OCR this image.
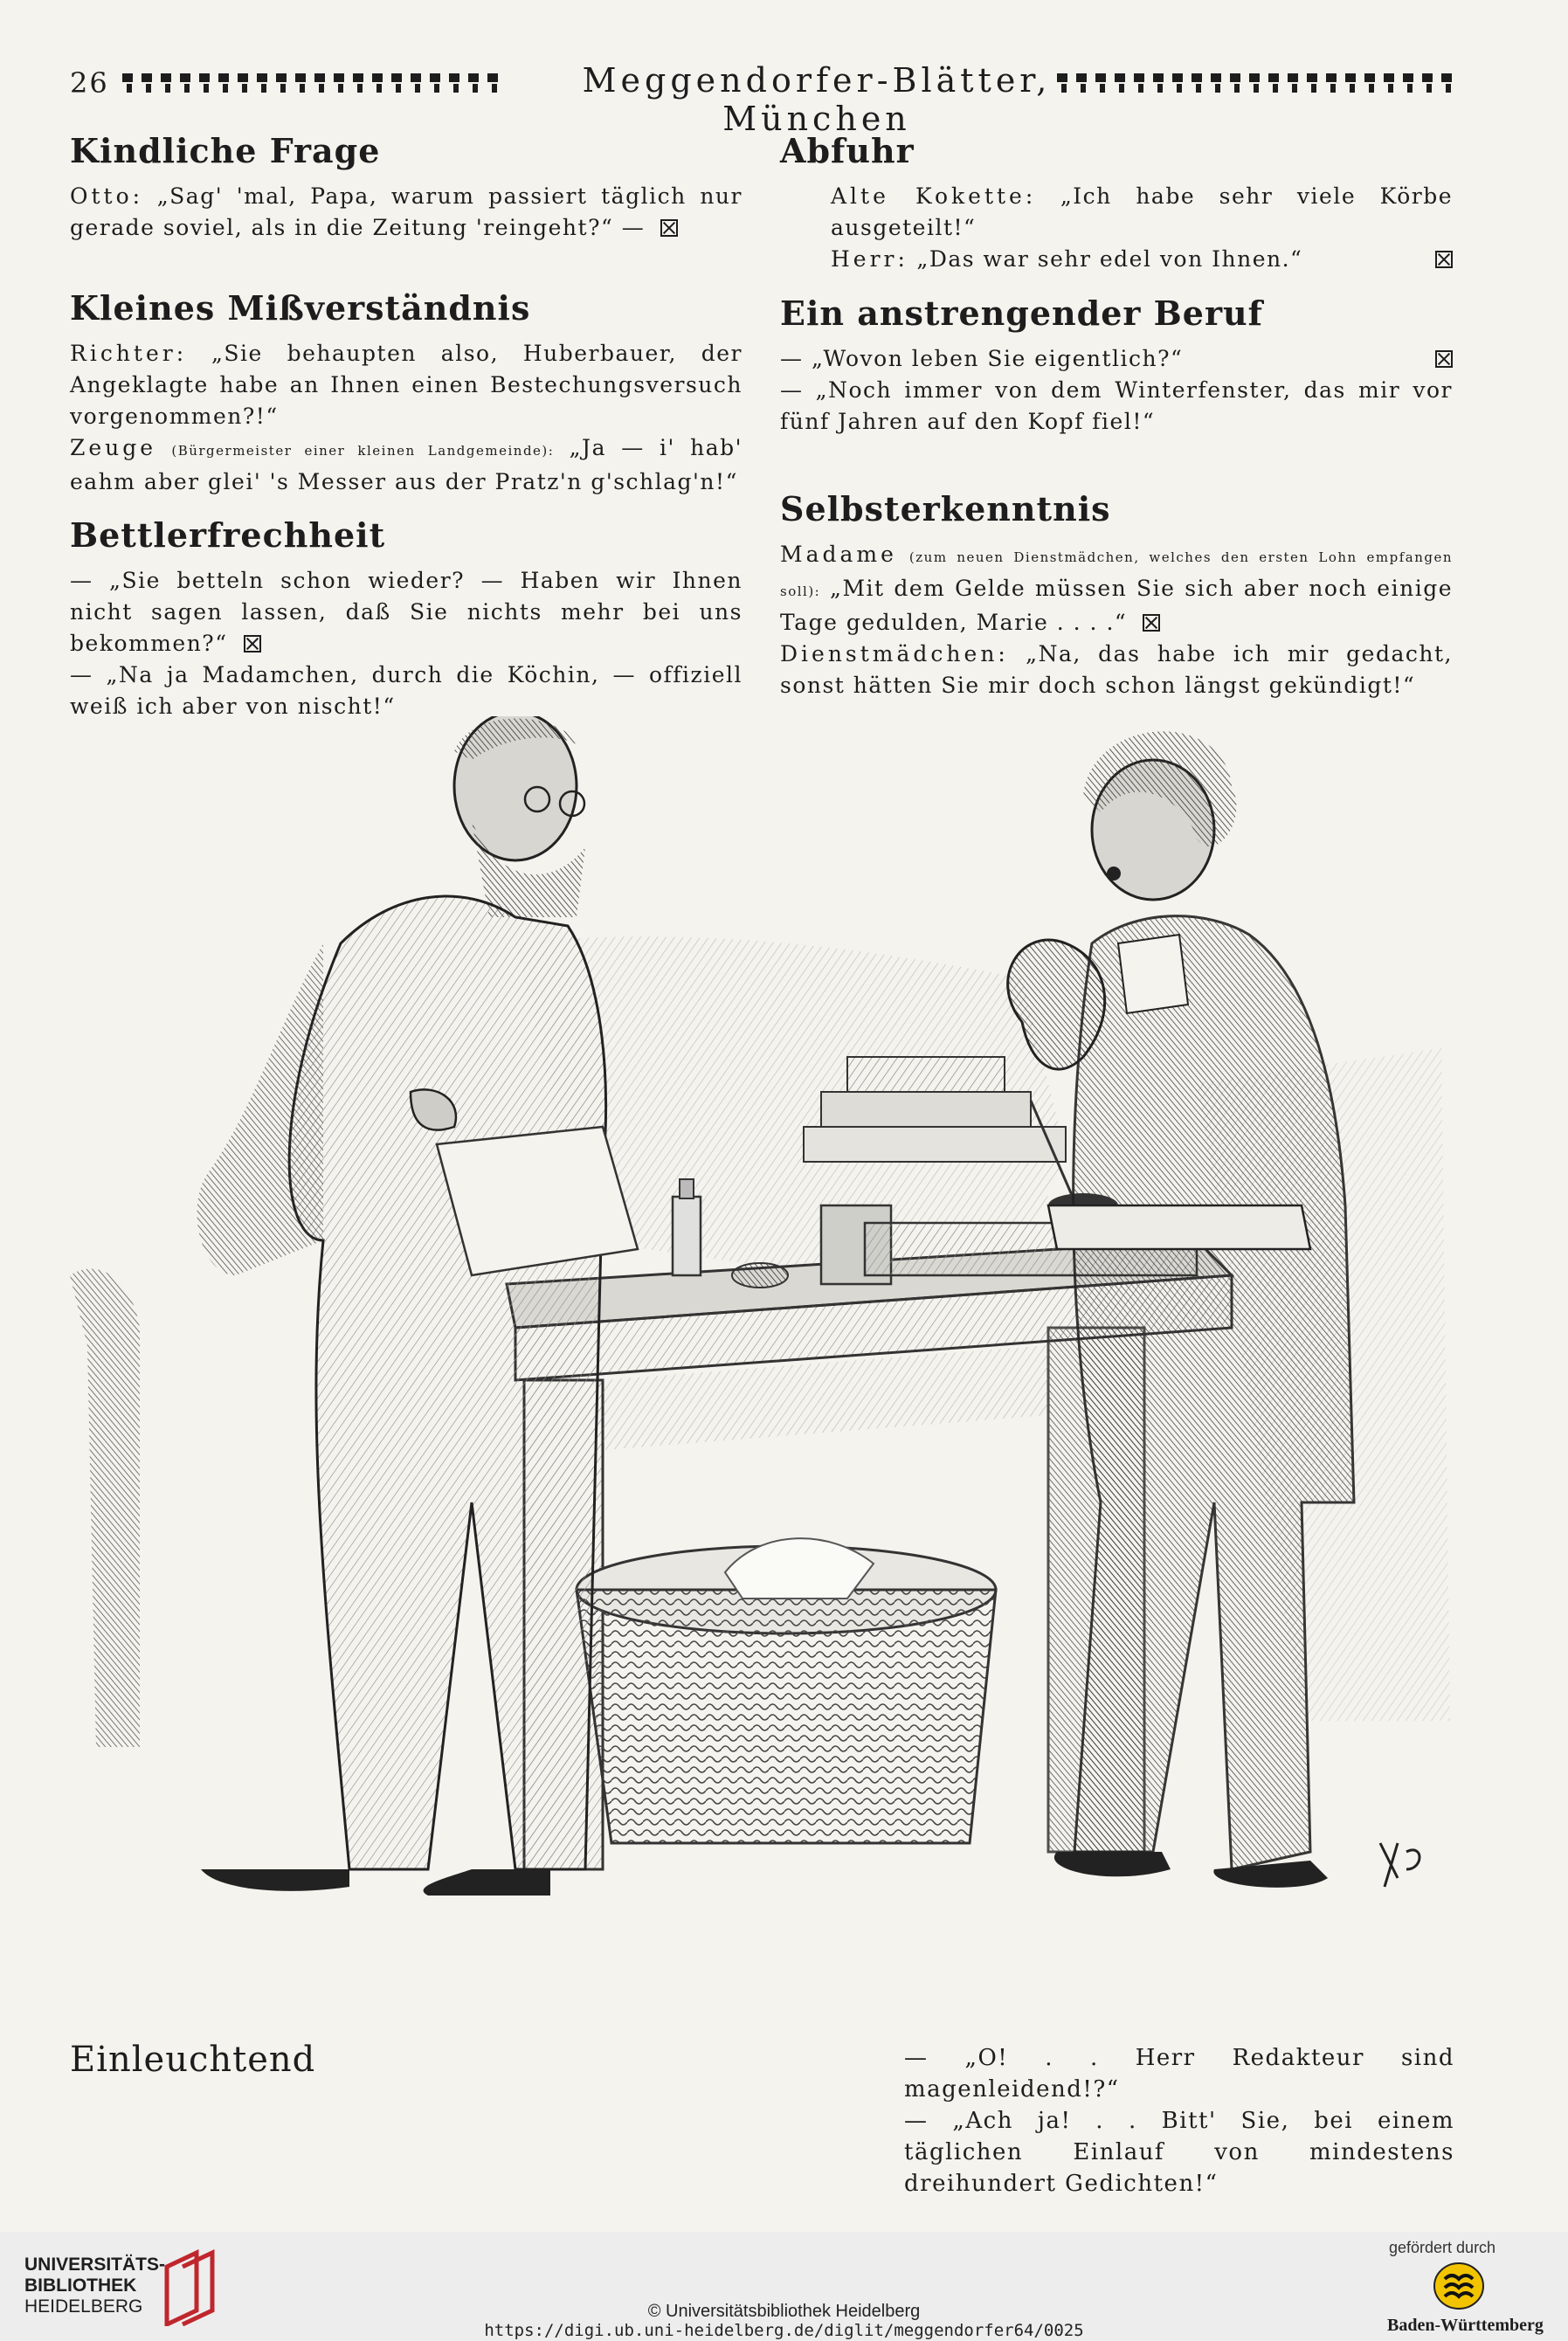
26	Meggendorfer-Blätter, München
Kindliche Frage

Otto: „Sag' 'mal, Papa, warum passiert täglich nur gerade soviel, als in die Zeitung 'reingeht?“ —

Kleines Mißverständnis

Richter: „Sie behaupten also, Huberbauer, der Angeklagte habe an Ihnen einen Bestechungsversuch vorgenommen?!“

Zeuge (Bürgermeister einer kleinen Landgemeinde): „Ja — i' hab' eahm aber glei' 's Messer aus der Pratz'n g'schlag'n!“

Bettlerfrechheit

— „Sie betteln schon wieder? — Haben wir Ihnen nicht sagen lassen, daß Sie nichts mehr bei uns bekommen?“

— „Na ja Madamchen, durch die Köchin, — offiziell weiß ich aber von nischt!“

Abfuhr

Alte Kokette: „Ich habe sehr viele Körbe ausgeteilt!“

Herr: „Das war sehr edel von Ihnen.“

Ein anstrengender Beruf

— „Wovon leben Sie eigentlich?“

— „Noch immer von dem Winterfenster, das mir vor fünf Jahren auf den Kopf fiel!“

Selbsterkenntnis

Madame (zum neuen Dienstmädchen, welches den ersten Lohn empfangen soll): „Mit dem Gelde müssen Sie sich aber noch einige Tage gedulden, Marie . . . .“

Dienstmädchen: „Na, das habe ich mir gedacht, sonst hätten Sie mir doch schon längst gekündigt!“

Einleuchtend	— „O! . . Herr Redakteur sind magenleidend!?“
— „Ach ja! . . Bitt' Sie, bei einem täglichen Einlauf von mindestens dreihundert Gedichten!“
UNIVERSITÄTS-
BIBLIOTHEK
HEIDELBERG	© Universitätsbibliothek Heidelberg
https://digi.ub.uni-heidelberg.de/diglit/meggendorfer64/0025
gefördert durch
Baden-Württemberg
